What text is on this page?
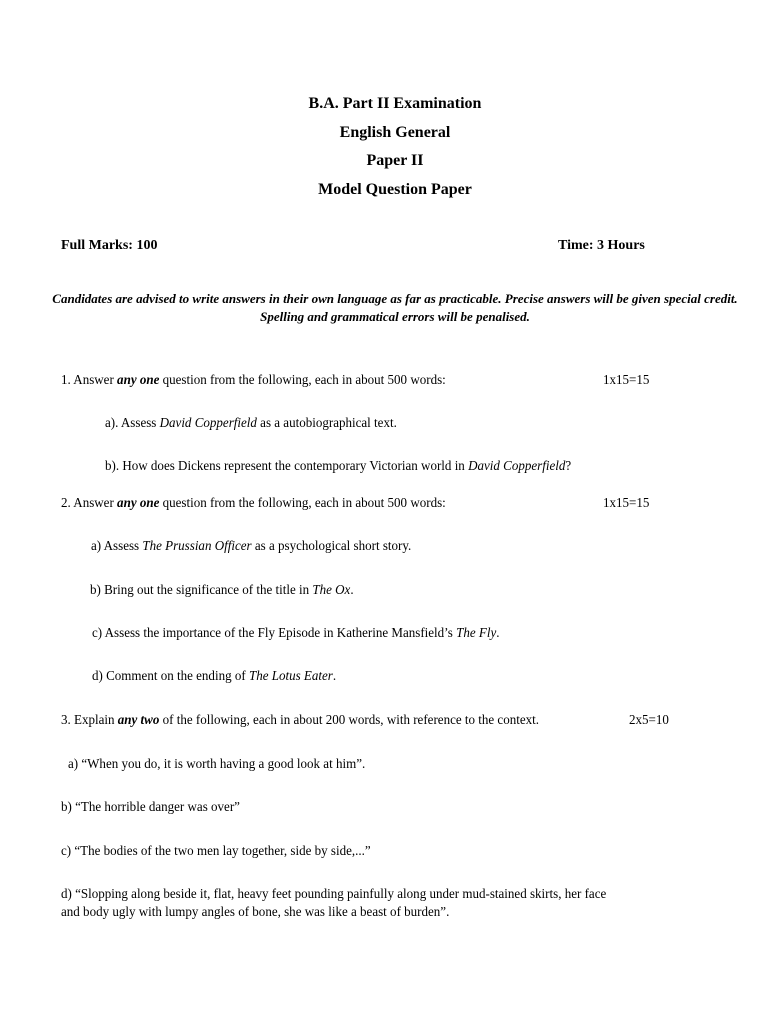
B.A. Part II Examination
English General
Paper II
Model Question Paper
Full Marks: 100	Time: 3 Hours
Candidates are advised to write answers in their own language as far as practicable. Precise answers will be given special credit. Spelling and grammatical errors will be penalised.
1. Answer any one question from the following, each in about 500 words:	1x15=15
a). Assess David Copperfield as a autobiographical text.
b). How does Dickens represent the contemporary Victorian world in David Copperfield?
2. Answer any one question from the following, each in about 500 words:	1x15=15
a) Assess The Prussian Officer as a psychological short story.
b) Bring out the significance of the title in The Ox.
c) Assess the importance of the Fly Episode in Katherine Mansfield’s The Fly.
d) Comment on the ending of The Lotus Eater.
3. Explain any two of the following, each in about 200 words, with reference to the context.	2x5=10
a) “When you do, it is worth having a good look at him”.
b) “The horrible danger was over”
c) “The bodies of the two men lay together, side by side,...”
d) “Slopping along beside it, flat, heavy feet pounding painfully along under mud-stained skirts, her face
and body ugly with lumpy angles of bone, she was like a beast of burden”.
